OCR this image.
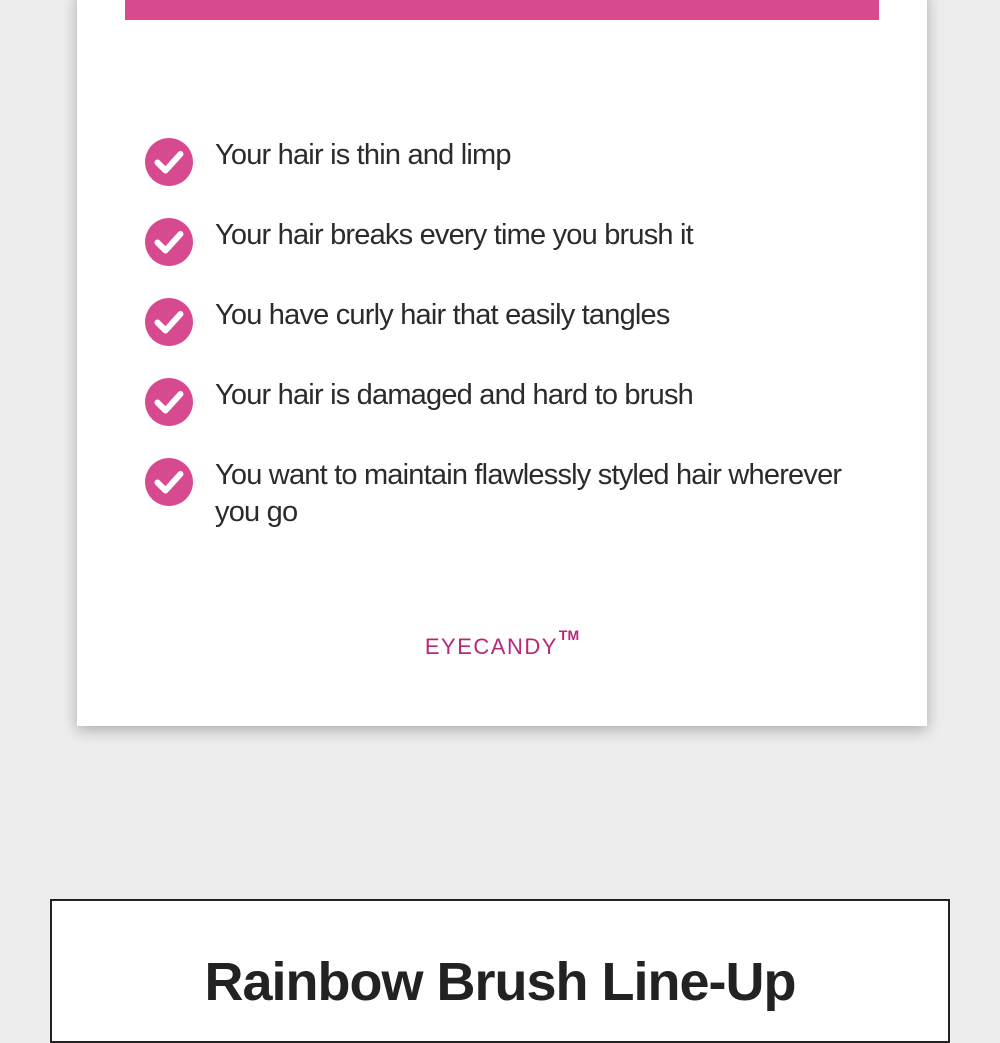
Your hair is thin and limp
Your hair breaks every time you brush it
You have curly hair that easily tangles
Your hair is damaged and hard to brush
You want to maintain flawlessly styled hair wherever you go
EYECANDYTM
Rainbow Brush Line-Up
